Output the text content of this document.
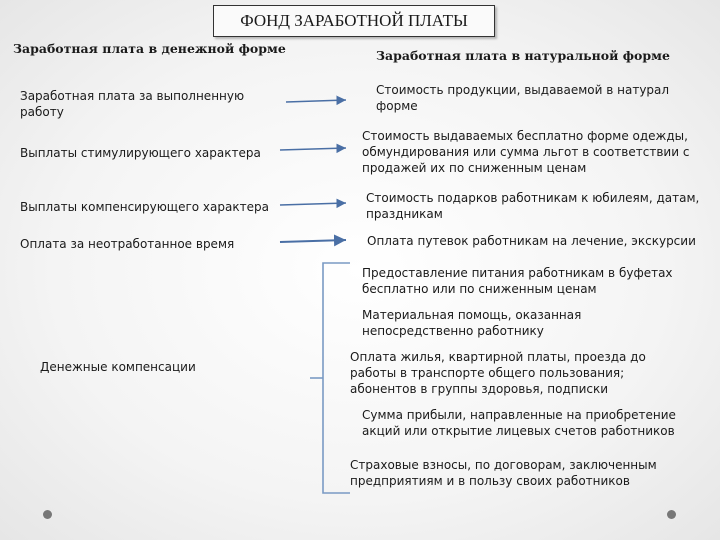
ФОНД ЗАРАБОТНОЙ ПЛАТЫ
Заработная плата в денежной форме	Заработная плата в натуральной форме
Заработная плата за выполненную
работу
Выплаты стимулирующего характера
Выплаты компенсирующего характера
Оплата за неотработанное время
Денежные компенсации
Стоимость продукции, выдаваемой в натурал
форме
Стоимость выдаваемых бесплатно форме одежды,
обмундирования или сумма льгот в соответствии с
продажей их по сниженным ценам
Стоимость подарков работникам к юбилеям, датам,
праздникам
Оплата путевок работникам на лечение, экскурсии
Предоставление питания работникам в буфетах
бесплатно или по сниженным ценам
Материальная помощь, оказанная
непосредственно работнику
Оплата жилья, квартирной платы, проезда до
работы в транспорте общего пользования;
абонентов в группы здоровья, подписки
Сумма прибыли, направленные на приобретение
акций или открытие лицевых счетов работников
Страховые взносы, по договорам, заключенным
предприятиям и в пользу своих работников
